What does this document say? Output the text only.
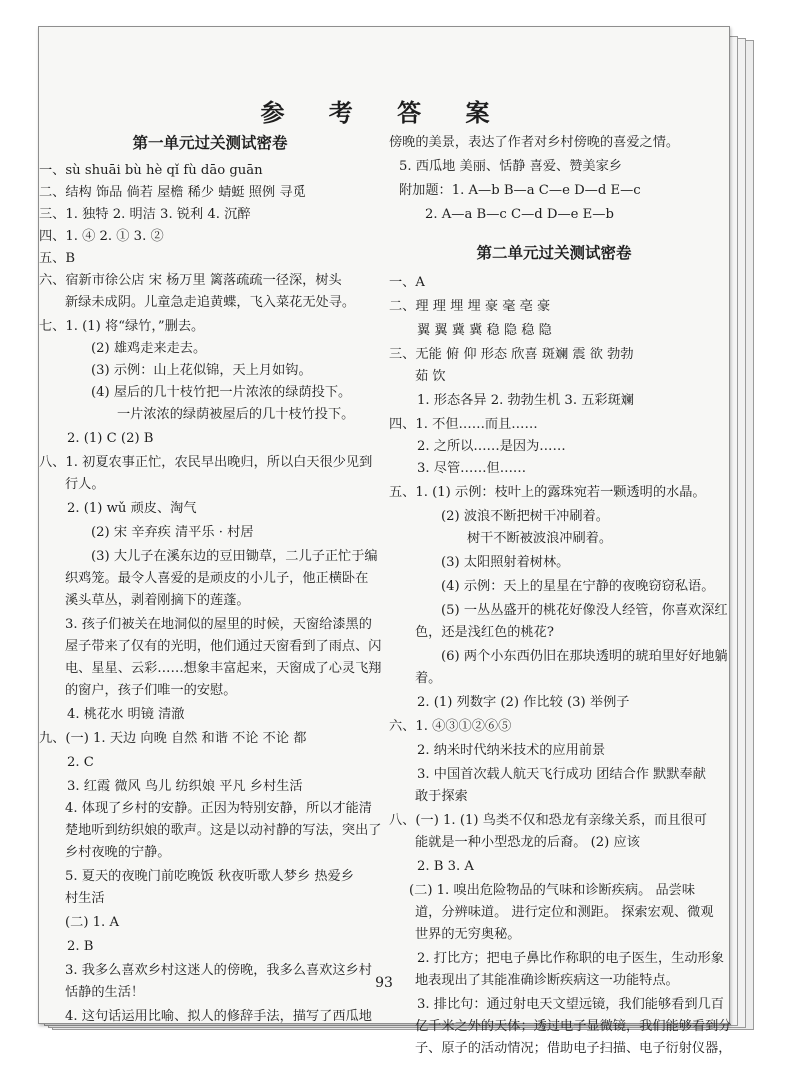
参 考 答 案
第一单元过关测试密卷
一、sù shuāi bù hè qǐ fù dāo guān
二、结构 饰品 倘若 屋檐 稀少 蜻蜓 照例 寻觅
三、1. 独特 2. 明洁 3. 锐利 4. 沉醉
四、1. ④ 2. ① 3. ②
五、B
六、宿新市徐公店 宋 杨万里 篱落疏疏一径深，树头
新绿未成阴。儿童急走追黄蝶，飞入菜花无处寻。
七、1. (1) 将“绿竹，”删去。
(2) 雄鸡走来走去。
(3) 示例：山上花似锦，天上月如钩。
(4) 屋后的几十枝竹把一片浓浓的绿荫投下。
一片浓浓的绿荫被屋后的几十枝竹投下。
2. (1) C (2) B
八、1. 初夏农事正忙，农民早出晚归，所以白天很少见到
行人。
2. (1) wǔ 顽皮、淘气
(2) 宋 辛弃疾 清平乐 · 村居
(3) 大儿子在溪东边的豆田锄草，二儿子正忙于编
织鸡笼。最令人喜爱的是顽皮的小儿子，他正横卧在
溪头草丛，剥着刚摘下的莲蓬。
3. 孩子们被关在地洞似的屋里的时候，天窗给漆黑的
屋子带来了仅有的光明，他们通过天窗看到了雨点、闪
电、星星、云彩……想象丰富起来，天窗成了心灵飞翔
的窗户，孩子们唯一的安慰。
4. 桃花水 明镜 清澈
九、(一) 1. 天边 向晚 自然 和谐 不论 不论 都
2. C
3. 红霞 微风 鸟儿 纺织娘 平凡 乡村生活
4. 体现了乡村的安静。正因为特别安静，所以才能清
楚地听到纺织娘的歌声。这是以动衬静的写法，突出了
乡村夜晚的宁静。
5. 夏天的夜晚门前吃晚饭 秋夜听歌人梦乡 热爱乡
村生活
(二) 1. A
2. B
3. 我多么喜欢乡村这迷人的傍晚，我多么喜欢这乡村
恬静的生活！
4. 这句话运用比喻、拟人的修辞手法，描写了西瓜地
傍晚的美景，表达了作者对乡村傍晚的喜爱之情。
5. 西瓜地 美丽、恬静 喜爱、赞美家乡
附加题：1. A—b B—a C—e D—d E—c
2. A—a B—c C—d D—e E—b
第二单元过关测试密卷
一、A
二、理 理 埋 埋 豪 毫 亳 豪
翼 翼 冀 冀 稳 隐 稳 隐
三、无能 俯 仰 形态 欣喜 斑斓 震 欲 勃勃
茹 饮
1. 形态各异 2. 勃勃生机 3. 五彩斑斓
四、1. 不但……而且……
2. 之所以……是因为……
3. 尽管……但……
五、1. (1) 示例：枝叶上的露珠宛若一颗透明的水晶。
(2) 波浪不断把树干冲刷着。
树干不断被波浪冲刷着。
(3) 太阳照射着树林。
(4) 示例：天上的星星在宁静的夜晚窃窃私语。
(5) 一丛丛盛开的桃花好像没人经管，你喜欢深红
色，还是浅红色的桃花?
(6) 两个小东西仍旧在那块透明的琥珀里好好地躺
着。
2. (1) 列数字 (2) 作比较 (3) 举例子
六、1. ④③①②⑥⑤
2. 纳米时代纳米技术的应用前景
3. 中国首次载人航天飞行成功 团结合作 默默奉献
敢于探索
八、(一) 1. (1) 鸟类不仅和恐龙有亲缘关系，而且很可
能就是一种小型恐龙的后裔。 (2) 应该
2. B 3. A
(二) 1. 嗅出危险物品的气味和诊断疾病。 品尝味
道，分辨味道。 进行定位和测距。 探索宏观、微观
世界的无穷奥秘。
2. 打比方；把电子鼻比作称职的电子医生，生动形象
地表现出了其能准确诊断疾病这一功能特点。
3. 排比句：通过射电天文望远镜，我们能够看到几百
亿千米之外的天体；透过电子显微镜，我们能够看到分
子、原子的活动情况；借助电子扫描、电子衍射仪器，
93
